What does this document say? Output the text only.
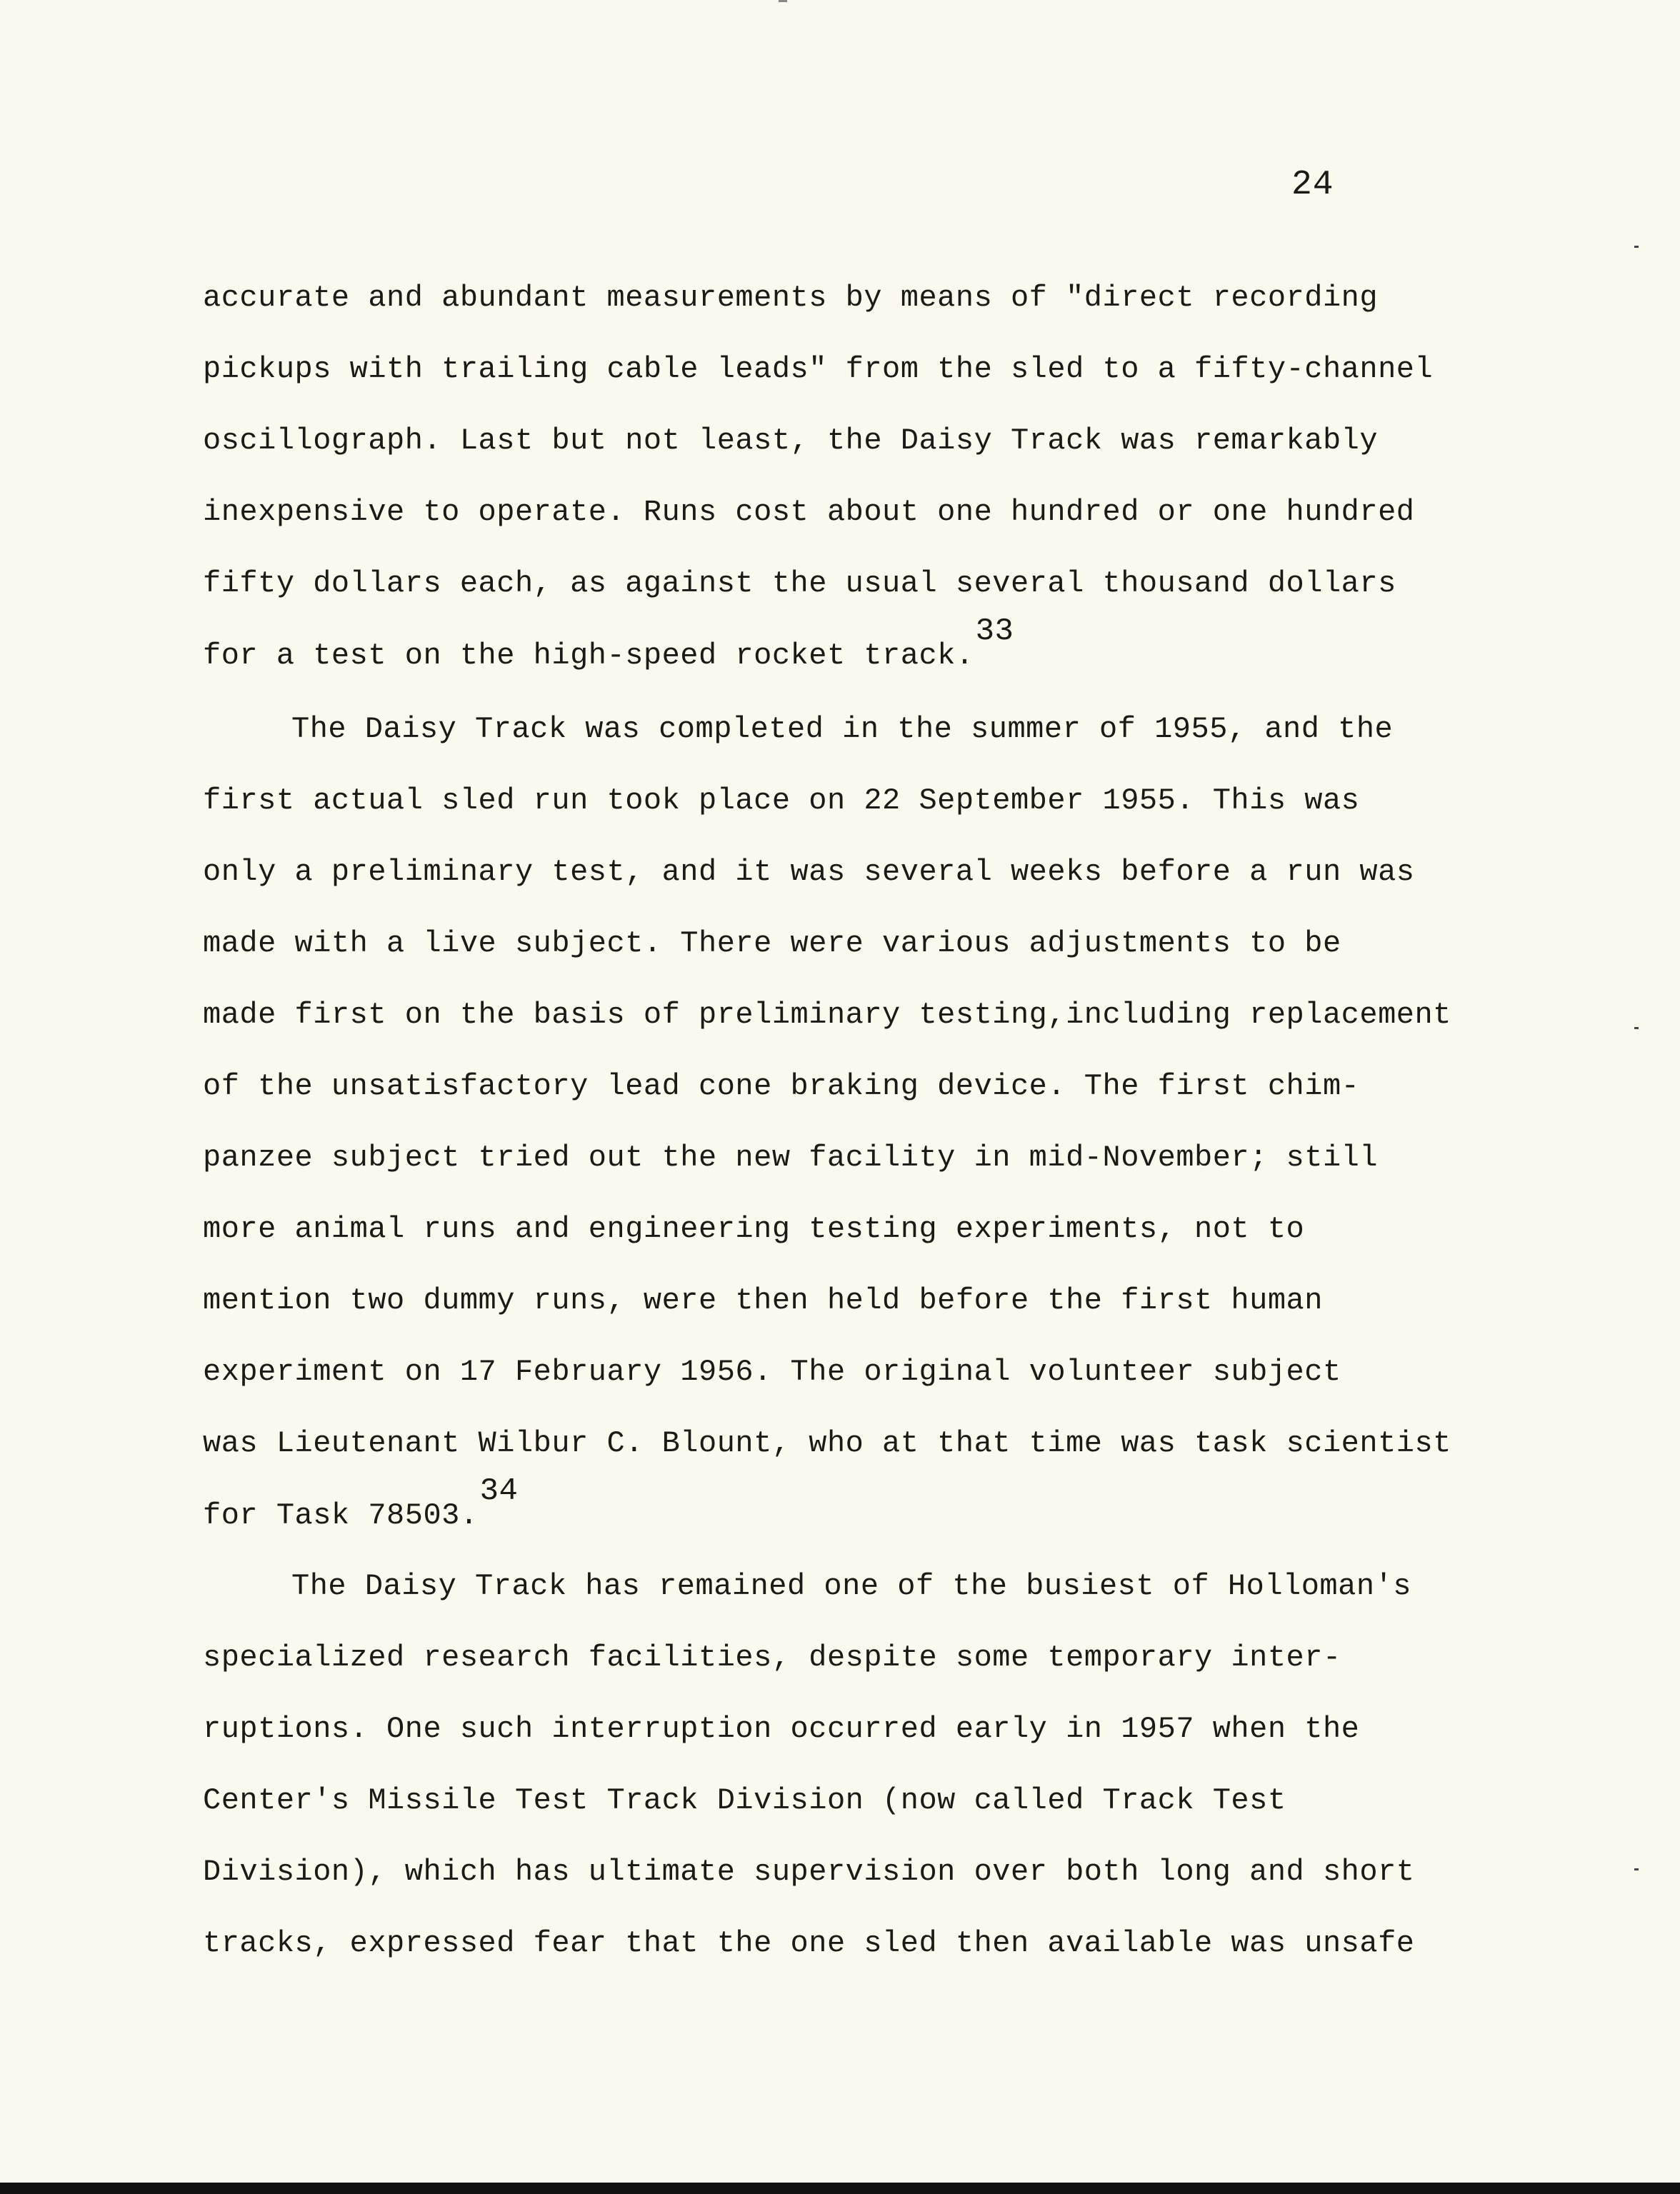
24
accurate and abundant measurements by means of "direct recording
pickups with trailing cable leads" from the sled to a fifty-channel
oscillograph. Last but not least, the Daisy Track was remarkably
inexpensive to operate. Runs cost about one hundred or one hundred
fifty dollars each, as against the usual several thousand dollars
for a test on the high-speed rocket track.33
The Daisy Track was completed in the summer of 1955, and the
first actual sled run took place on 22 September 1955. This was
only a preliminary test, and it was several weeks before a run was
made with a live subject. There were various adjustments to be
made first on the basis of preliminary testing,including replacement
of the unsatisfactory lead cone braking device. The first chim-
panzee subject tried out the new facility in mid-November; still
more animal runs and engineering testing experiments, not to
mention two dummy runs, were then held before the first human
experiment on 17 February 1956. The original volunteer subject
was Lieutenant Wilbur C. Blount, who at that time was task scientist
for Task 78503.34
The Daisy Track has remained one of the busiest of Holloman's
specialized research facilities, despite some temporary inter-
ruptions. One such interruption occurred early in 1957 when the
Center's Missile Test Track Division (now called Track Test
Division), which has ultimate supervision over both long and short
tracks, expressed fear that the one sled then available was unsafe
